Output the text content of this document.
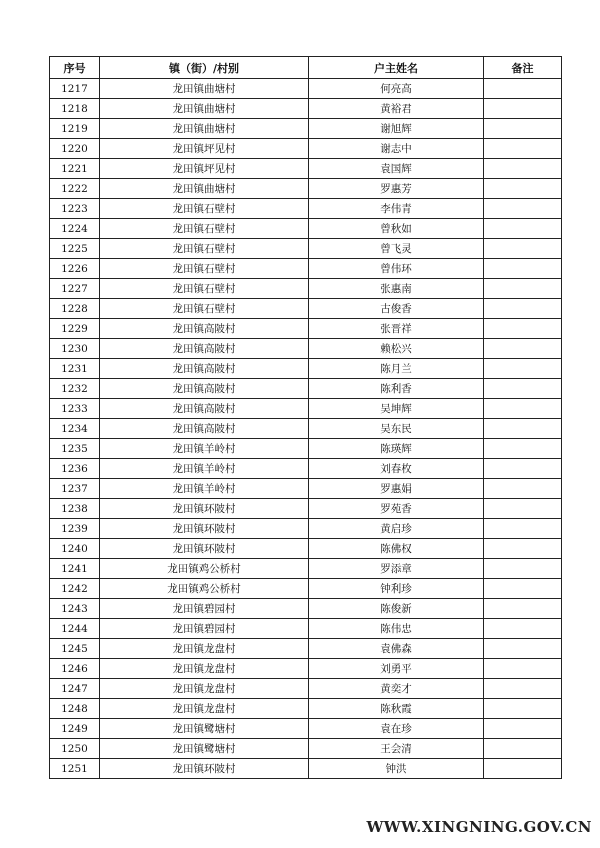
序号	镇（街）/村别	户主姓名	备注
1217	龙田镇曲塘村	何亮高	
1218	龙田镇曲塘村	黄裕君	
1219	龙田镇曲塘村	谢旭辉	
1220	龙田镇坪见村	谢志中	
1221	龙田镇坪见村	袁国辉	
1222	龙田镇曲塘村	罗惠芳	
1223	龙田镇石壁村	李伟青	
1224	龙田镇石壁村	曾秋如	
1225	龙田镇石壁村	曾飞灵	
1226	龙田镇石壁村	曾伟环	
1227	龙田镇石壁村	张惠南	
1228	龙田镇石壁村	古俊香	
1229	龙田镇高陂村	张晋祥	
1230	龙田镇高陂村	赖松兴	
1231	龙田镇高陂村	陈月兰	
1232	龙田镇高陂村	陈利香	
1233	龙田镇高陂村	吴坤辉	
1234	龙田镇高陂村	吴东民	
1235	龙田镇羊岭村	陈瑛辉	
1236	龙田镇羊岭村	刘春枚	
1237	龙田镇羊岭村	罗惠娟	
1238	龙田镇环陂村	罗苑香	
1239	龙田镇环陂村	黄启珍	
1240	龙田镇环陂村	陈佛权	
1241	龙田镇鸡公桥村	罗添章	
1242	龙田镇鸡公桥村	钟利珍	
1243	龙田镇碧园村	陈俊新	
1244	龙田镇碧园村	陈伟忠	
1245	龙田镇龙盘村	袁佛森	
1246	龙田镇龙盘村	刘勇平	
1247	龙田镇龙盘村	黄奕才	
1248	龙田镇龙盘村	陈秋霞	
1249	龙田镇鹭塘村	袁在珍	
1250	龙田镇鹭塘村	王会清	
1251	龙田镇环陂村	钟洪	
WWW.XINGNING.GOV.CN
